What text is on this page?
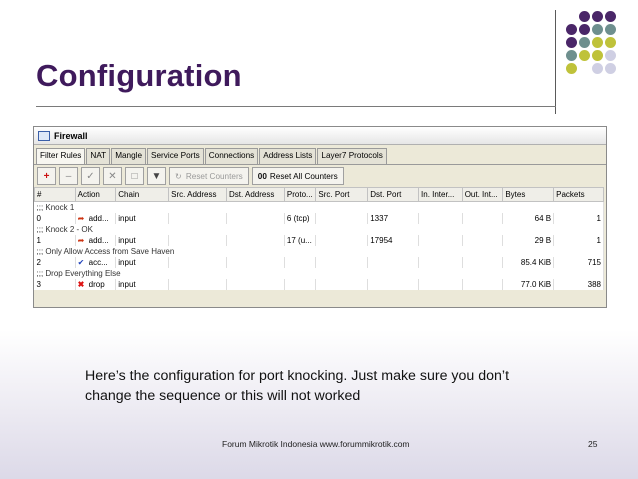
Configuration
Firewall
Filter Rules	NAT	Mangle	Service Ports	Connections	Address Lists	Layer7 Protocols
+ – ✓ ✕ □ ▼ ↻ Reset Counters 00 Reset All Counters
#	Action	Chain	Src. Address	Dst. Address	Proto...	Src. Port	Dst. Port	In. Inter...	Out. Int...	Bytes	Packets
;;; Knock 1											
0	➦ add...	input			6 (tcp)		1337			64 B	1
;;; Knock 2 - OK											
1	➦ add...	input			17 (u...		17954			29 B	1
;;; Only Allow Access from Save Haven											
2	✔ acc...	input								85.4 KiB	715
;;; Drop Everything Else											
3	✖ drop	input								77.0 KiB	388

Here’s the configuration for port knocking. Just make sure you don’t
change the sequence or this will not worked

Forum Mikrotik Indonesia www.forummikrotik.com	25
